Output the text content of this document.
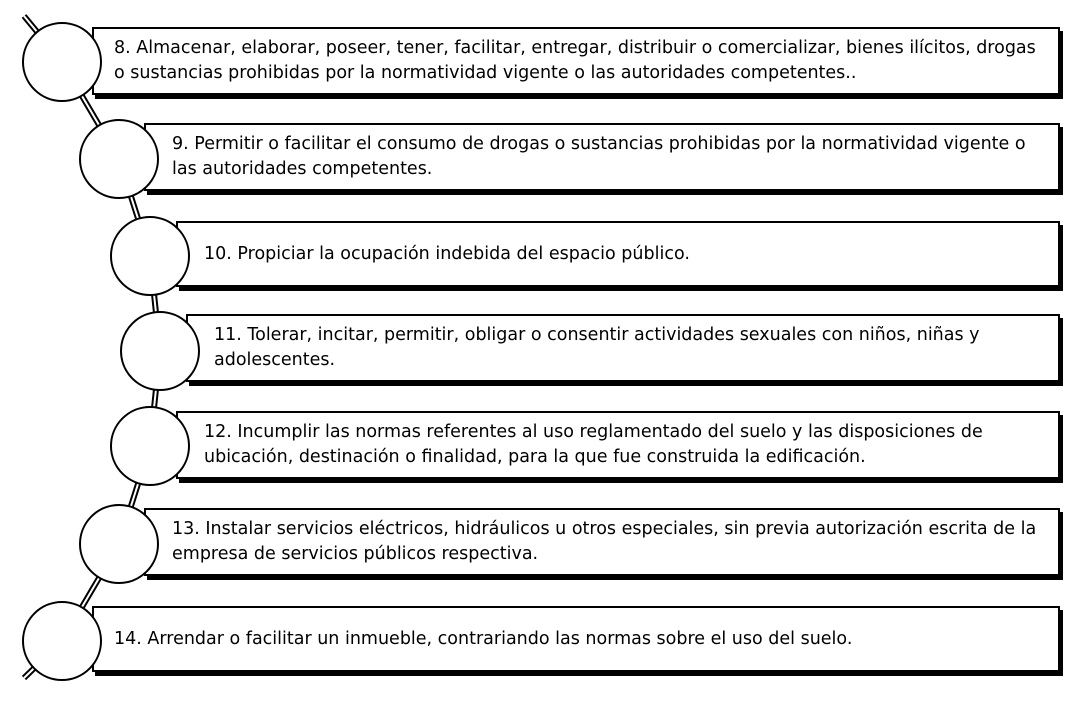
8. Almacenar, elaborar, poseer, tener, facilitar, entregar, distribuir o comercializar, bienes ilícitos, drogas o sustancias prohibidas por la normatividad vigente o las autoridades competentes..

9. Permitir o facilitar el consumo de drogas o sustancias prohibidas por la normatividad vigente o las autoridades competentes.

10. Propiciar la ocupación indebida del espacio público.

11. Tolerar, incitar, permitir, obligar o consentir actividades sexuales con niños, niñas y adolescentes.

12. Incumplir las normas referentes al uso reglamentado del suelo y las disposiciones de ubicación, destinación o finalidad, para la que fue construida la edificación.

13. Instalar servicios eléctricos, hidráulicos u otros especiales, sin previa autorización escrita de la empresa de servicios públicos respectiva.

14. Arrendar o facilitar un inmueble, contrariando las normas sobre el uso del suelo.
